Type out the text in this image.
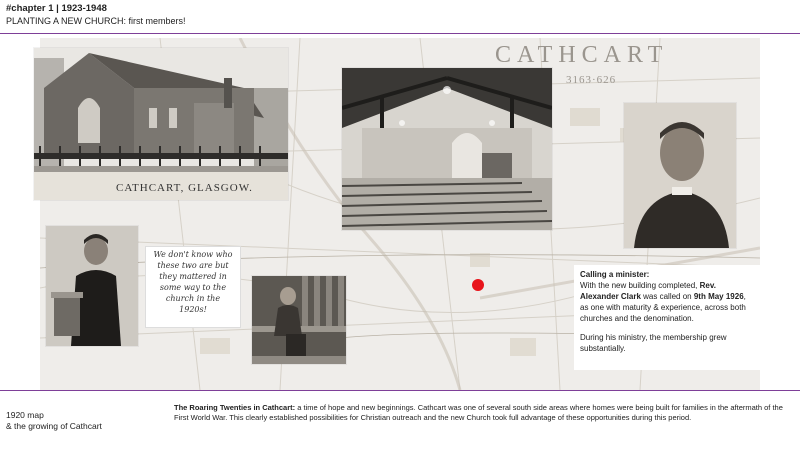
#chapter 1 | 1923-1948
PLANTING A NEW CHURCH: first members!
CATHCART
3163·626
CATHCART, GLASGOW.
We don't know who
these two are but
they mattered in
some way to the
church in the
1920s!
Calling a minister:
With the new building completed, Rev. Alexander Clark was called on 9th May 1926, as one with maturity & experience, across both churches and the denomination.
During his ministry, the membership grew substantially.
1920 map
& the growing of Cathcart
The Roaring Twenties in Cathcart: a time of hope and new beginnings. Cathcart was one of several south side areas where homes were being built for families in the aftermath of the First World War. This clearly established possibilities for Christian outreach and the new Church took full advantage of these opportunities during this period.
